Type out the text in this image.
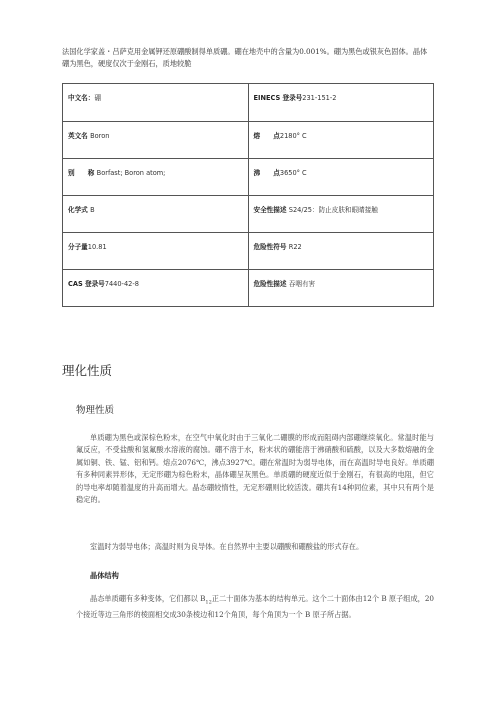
法国化学家盖・吕萨克用金属钾还原硼酸制得单质硼。硼在地壳中的含量为0.001%。硼为黑色或银灰色固体。晶体硼为黑色，硬度仅次于金刚石，质地较脆

中文名：硼	EINECS 登录号231-151-2
英文名 Boron	熔　　点2180° C
别　　称 Borfast; Boron atom;	沸　　点3650° C
化学式 B	安全性描述 S24/25：防止皮肤和眼睛接触
分子量10.81	危险性符号 R22
CAS 登录号7440-42-8	危险性描述 吞咽有害
理化性质
物理性质

单质硼为黑色或深棕色粉末，在空气中氧化时由于三氧化二硼膜的形成而阻碍内部硼继续氧化。常温时能与氟反应，不受盐酸和氢氟酸水溶液的腐蚀。硼不溶于水，粉末状的硼能溶于沸硝酸和硫酸，以及大多数熔融的金属如铜、铁、锰、铝和钙。熔点2076℃，沸点3927℃。硼在常温时为弱导电体，而在高温时导电良好。单质硼有多种同素异形体，无定形硼为棕色粉末，晶体硼呈灰黑色。单质硼的硬度近似于金刚石，有很高的电阻，但它的导电率却随着温度的升高而增大。晶态硼较惰性，无定形硼则比较活泼。硼共有14种同位素，其中只有两个是稳定的。

室温时为弱导电体；高温时则为良导体。在自然界中主要以硼酸和硼酸盐的形式存在。

晶体结构

晶态单质硼有多种变体，它们都以 $B_{12}$正二十面体为基本的结构单元。这个二十面体由12个 B 原子组成，20个接近等边三角形的棱面相交成30条棱边和12个角顶，每个角顶为一个 B 原子所占据。
